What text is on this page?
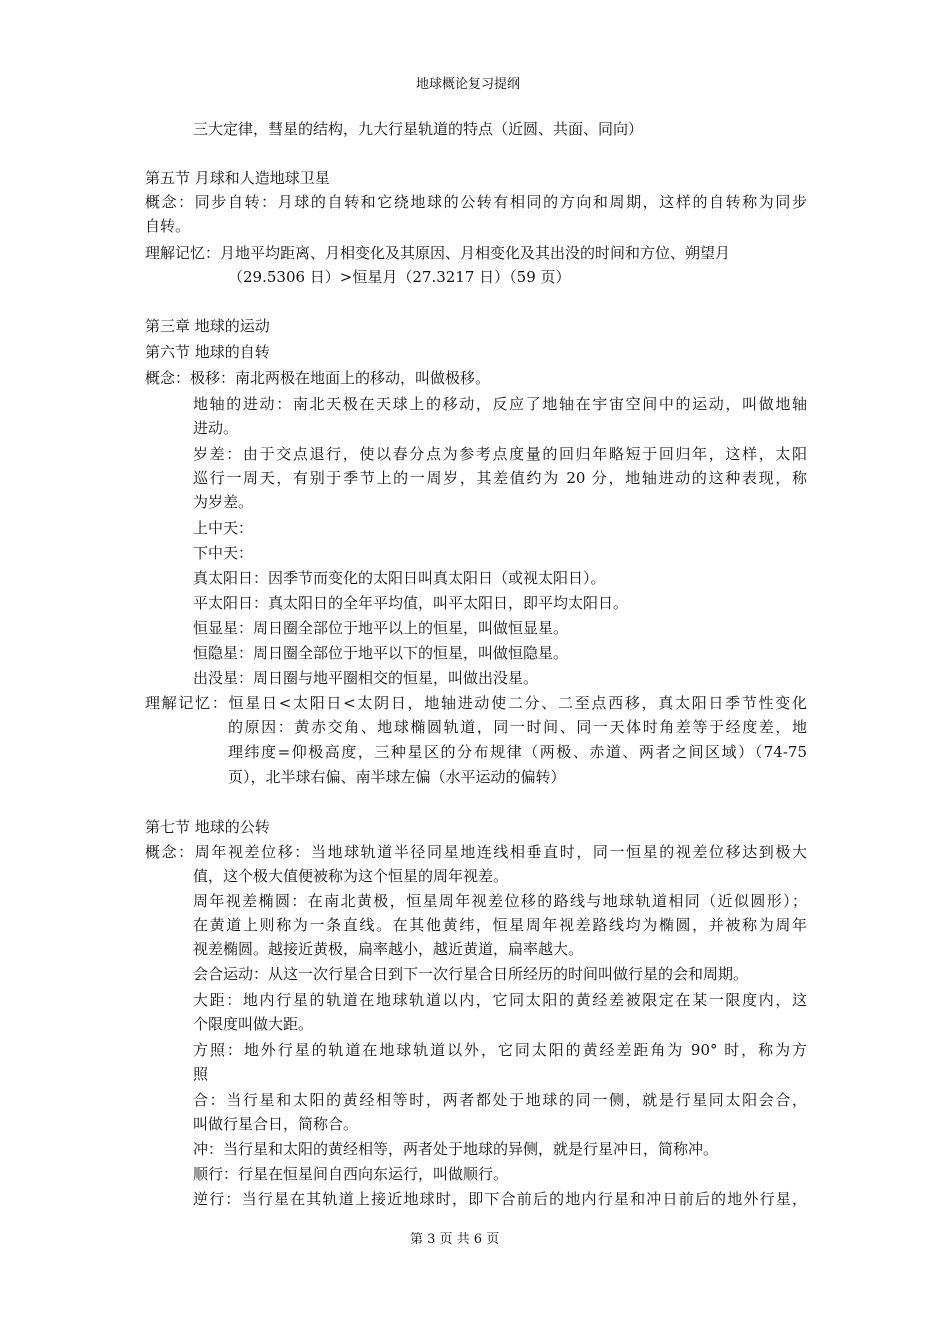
地球概论复习提纲
三大定律，彗星的结构，九大行星轨道的特点（近圆、共面、同向）
第五节 月球和人造地球卫星
概念：同步自转：月球的自转和它绕地球的公转有相同的方向和周期，这样的自转称为同步
自转。
理解记忆：月地平均距离、月相变化及其原因、月相变化及其出没的时间和方位、朔望月
（29.5306 日）>恒星月（27.3217 日）（59 页）
第三章 地球的运动
第六节 地球的自转
概念：极移：南北两极在地面上的移动，叫做极移。
地轴的进动：南北天极在天球上的移动，反应了地轴在宇宙空间中的运动，叫做地轴
进动。
岁差：由于交点退行，使以春分点为参考点度量的回归年略短于回归年，这样，太阳
巡行一周天，有别于季节上的一周岁，其差值约为 20 分，地轴进动的这种表现，称
为岁差。
上中天：
下中天：
真太阳日：因季节而变化的太阳日叫真太阳日（或视太阳日）。
平太阳日：真太阳日的全年平均值，叫平太阳日，即平均太阳日。
恒显星：周日圈全部位于地平以上的恒星，叫做恒显星。
恒隐星：周日圈全部位于地平以下的恒星，叫做恒隐星。
出没星：周日圈与地平圈相交的恒星，叫做出没星。
理解记忆：恒星日<太阳日<太阴日，地轴进动使二分、二至点西移，真太阳日季节性变化
的原因：黄赤交角、地球椭圆轨道，同一时间、同一天体时角差等于经度差，地
理纬度=仰极高度，三种星区的分布规律（两极、赤道、两者之间区域）（74-75
页），北半球右偏、南半球左偏（水平运动的偏转）
第七节 地球的公转
概念：周年视差位移：当地球轨道半径同星地连线相垂直时，同一恒星的视差位移达到极大
值，这个极大值便被称为这个恒星的周年视差。
周年视差椭圆：在南北黄极，恒星周年视差位移的路线与地球轨道相同（近似圆形）；
在黄道上则称为一条直线。在其他黄纬，恒星周年视差路线均为椭圆，并被称为周年
视差椭圆。越接近黄极，扁率越小，越近黄道，扁率越大。
会合运动：从这一次行星合日到下一次行星合日所经历的时间叫做行星的会和周期。
大距：地内行星的轨道在地球轨道以内，它同太阳的黄经差被限定在某一限度内，这
个限度叫做大距。
方照：地外行星的轨道在地球轨道以外，它同太阳的黄经差距角为 90° 时，称为方
照
合：当行星和太阳的黄经相等时，两者都处于地球的同一侧，就是行星同太阳会合，
叫做行星合日，简称合。
冲：当行星和太阳的黄经相等，两者处于地球的异侧，就是行星冲日，简称冲。
顺行：行星在恒星间自西向东运行，叫做顺行。
逆行：当行星在其轨道上接近地球时，即下合前后的地内行星和冲日前后的地外行星，
第 3 页 共 6 页
